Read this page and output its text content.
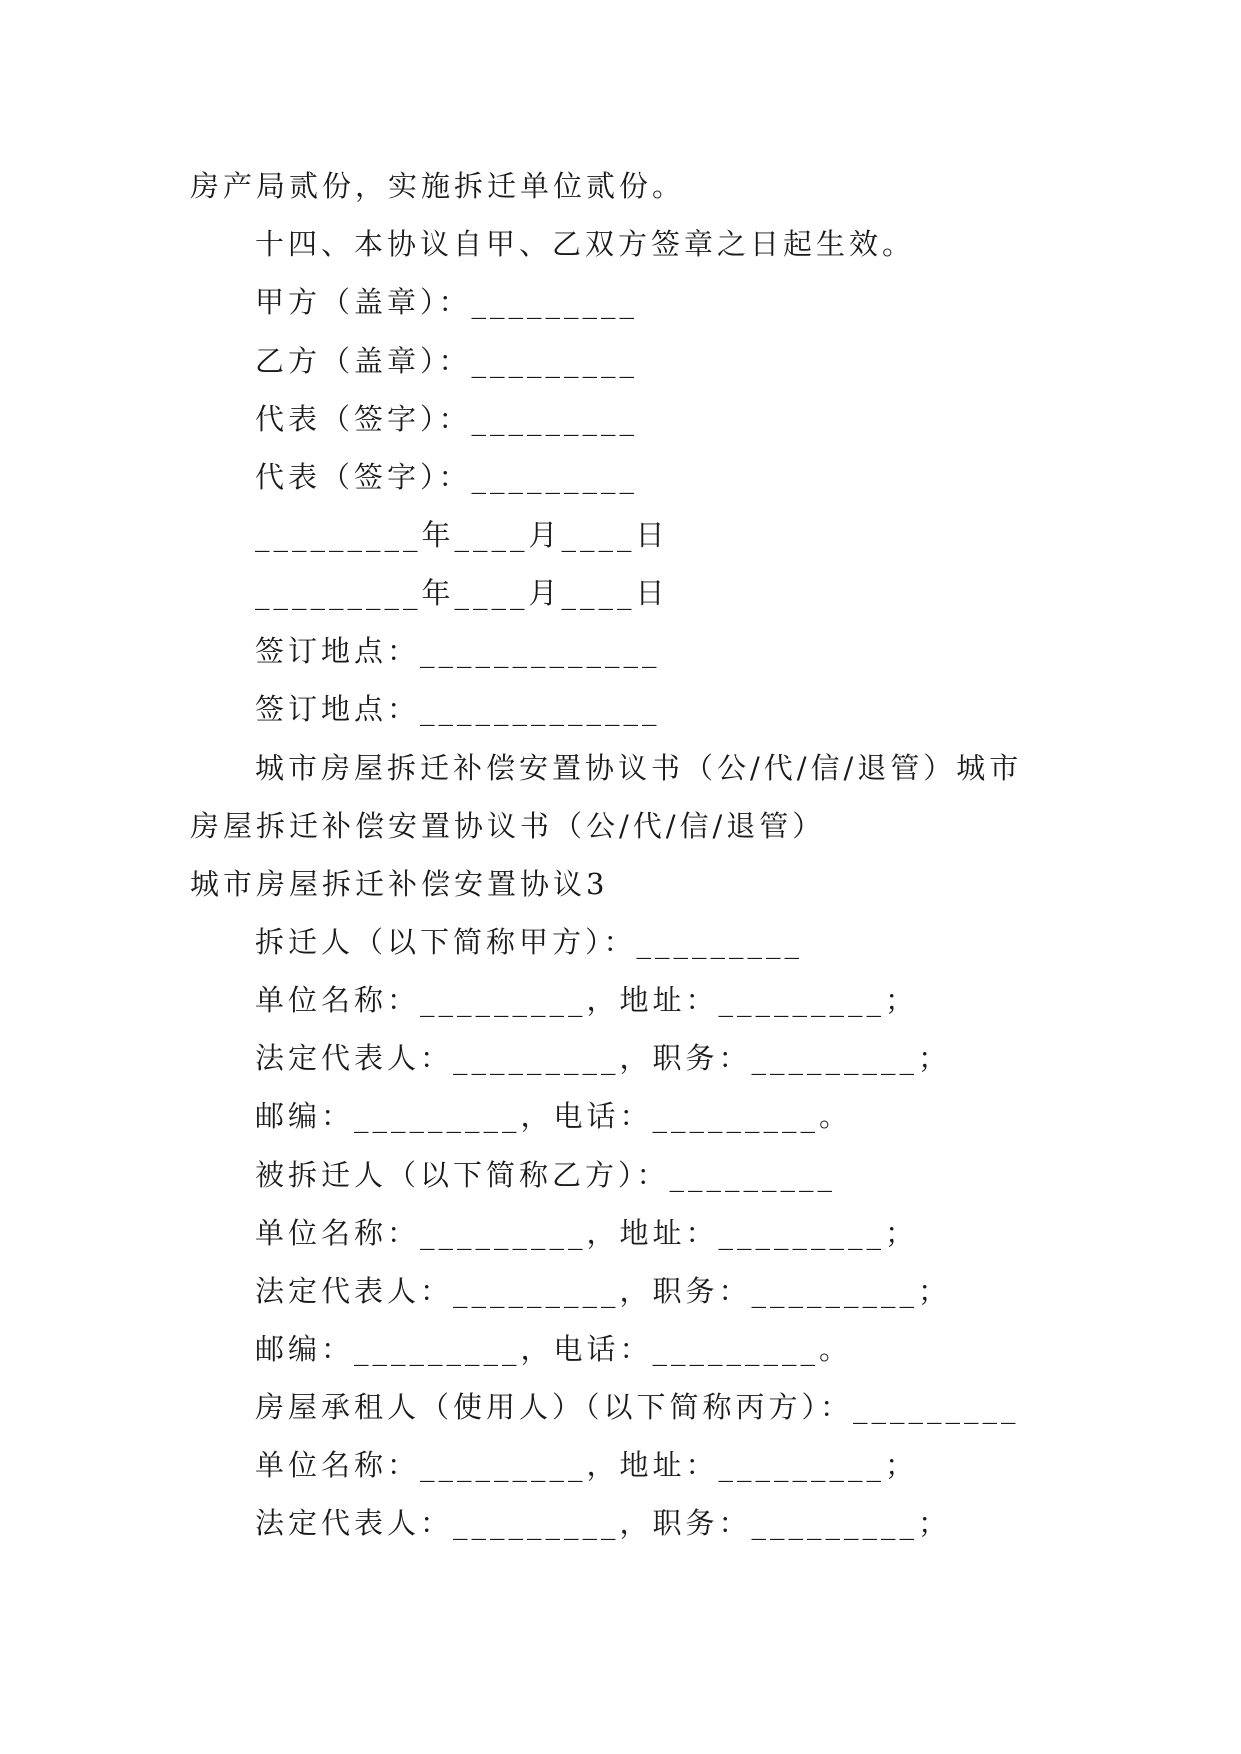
房产局贰份，实施拆迁单位贰份。
十四、本协议自甲、乙双方签章之日起生效。
甲方（盖章）：_________
乙方（盖章）：_________
代表（签字）：_________
代表（签字）：_________
_________年____月____日
_________年____月____日
签订地点：_____________
签订地点：_____________
城市房屋拆迁补偿安置协议书（公/代/信/退管）城市
房屋拆迁补偿安置协议书（公/代/信/退管）
城市房屋拆迁补偿安置协议3
拆迁人（以下简称甲方）：_________
单位名称：_________，地址：_________；
法定代表人：_________，职务：_________；
邮编：_________，电话：_________。
被拆迁人（以下简称乙方）：_________
单位名称：_________，地址：_________；
法定代表人：_________，职务：_________；
邮编：_________，电话：_________。
房屋承租人（使用人）（以下简称丙方）：_________
单位名称：_________，地址：_________；
法定代表人：_________，职务：_________；
